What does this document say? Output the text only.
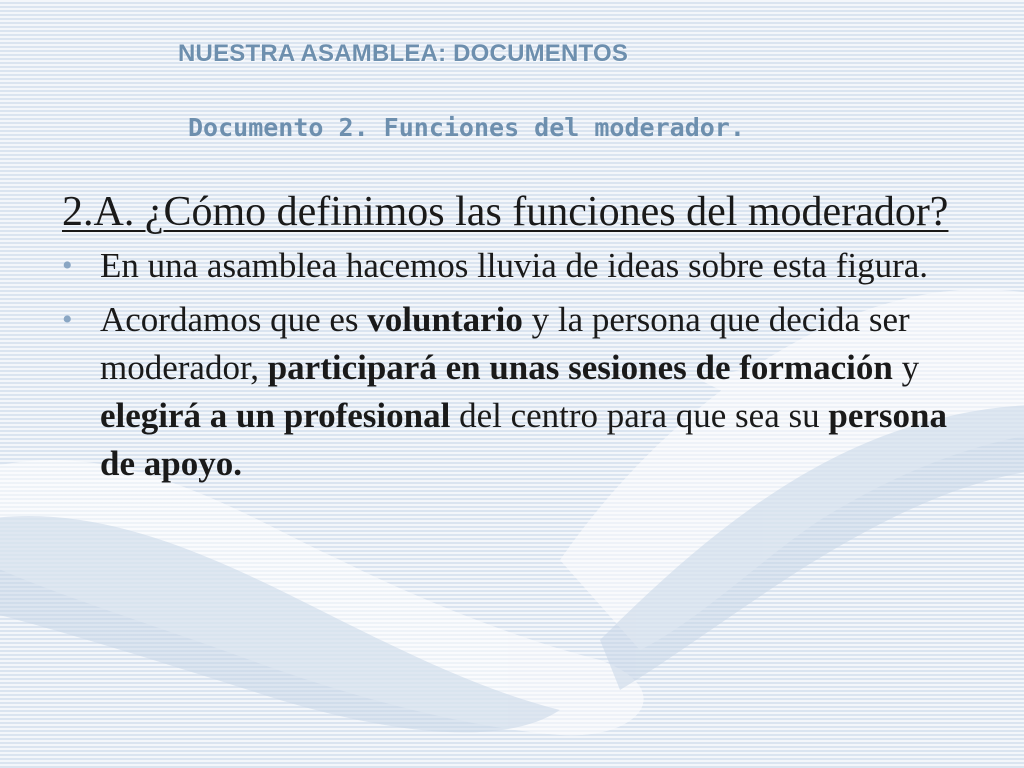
NUESTRA ASAMBLEA: DOCUMENTOS
Documento 2. Funciones del moderador.

2.A. ¿Cómo definimos las funciones del moderador?

• En una asamblea hacemos lluvia de ideas sobre esta figura.
• Acordamos que es voluntario y la persona que decida ser moderador, participará en unas sesiones de formación y elegirá a un profesional del centro para que sea su persona de apoyo.
